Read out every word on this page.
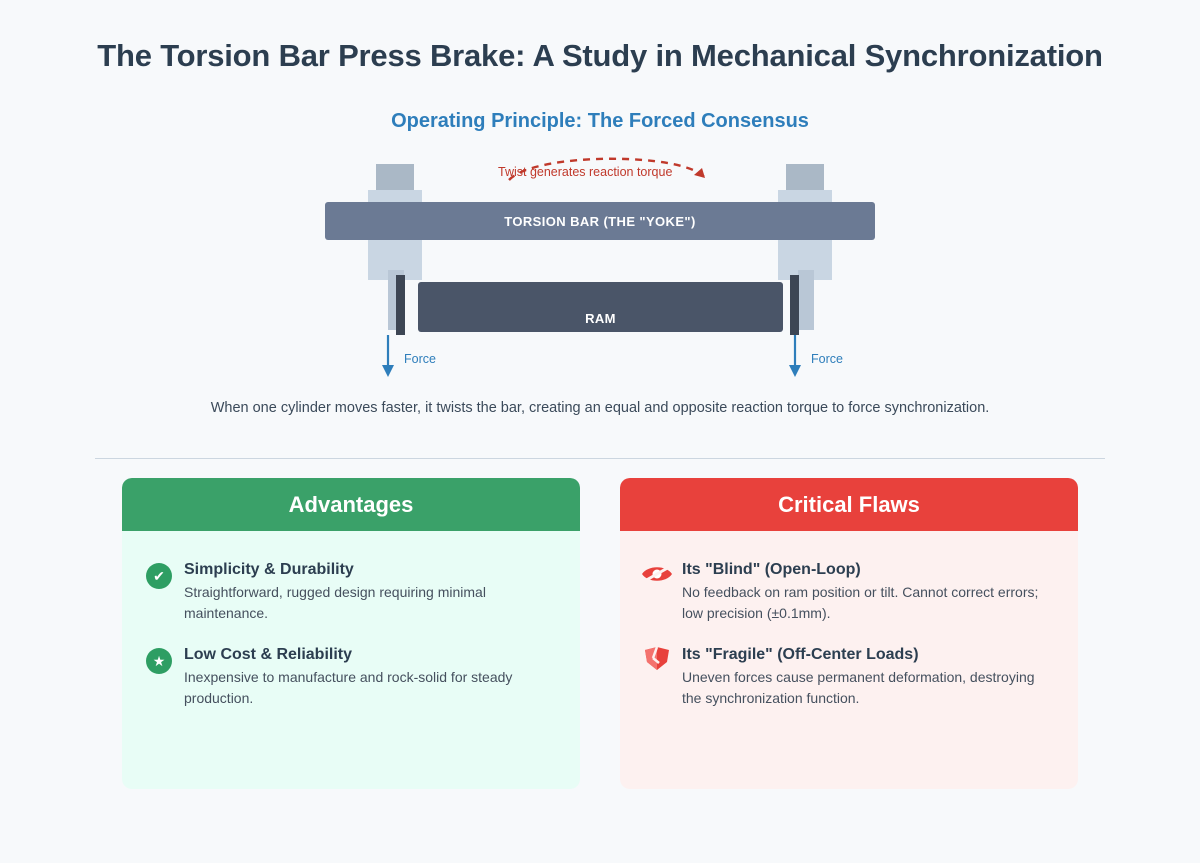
The Torsion Bar Press Brake: A Study in Mechanical Synchronization
Operating Principle: The Forced Consensus
TORSION BAR (THE "YOKE")
RAM
Twist generates reaction torque
Force	Force
When one cylinder moves faster, it twists the bar, creating an equal and opposite reaction torque to force synchronization.
Advantages
✔ Simplicity & Durability
Straightforward, rugged design requiring minimal maintenance.
★ Low Cost & Reliability
Inexpensive to manufacture and rock-solid for steady production.
Critical Flaws
Its "Blind" (Open-Loop)
No feedback on ram position or tilt. Cannot correct errors; low precision (±0.1mm).
Its "Fragile" (Off-Center Loads)
Uneven forces cause permanent deformation, destroying the synchronization function.
